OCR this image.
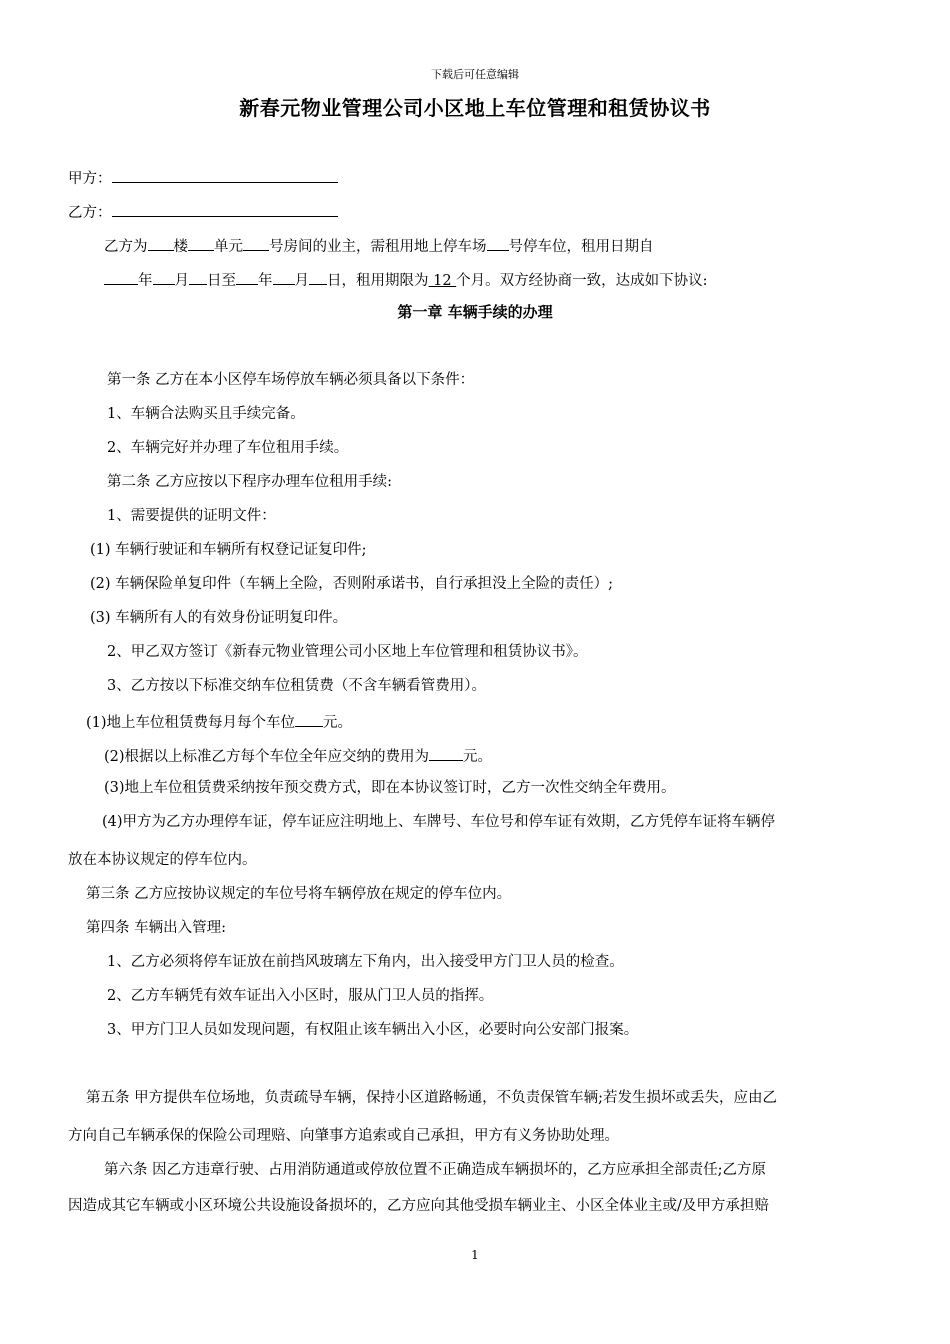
下载后可任意编辑
新春元物业管理公司小区地上车位管理和租赁协议书
甲方：
乙方：
乙方为 楼 单元 号房间的业主，需租用地上停车场 号停车位，租用日期自
年 月 日至 年 月 日，租用期限为 12 个月。双方经协商一致，达成如下协议:
第一章 车辆手续的办理
第一条 乙方在本小区停车场停放车辆必须具备以下条件：
1、车辆合法购买且手续完备。
2、车辆完好并办理了车位租用手续。
第二条 乙方应按以下程序办理车位租用手续:
1、需要提供的证明文件：
(1) 车辆行驶证和车辆所有权登记证复印件;
(2) 车辆保险单复印件（车辆上全险，否则附承诺书，自行承担没上全险的责任）;
(3) 车辆所有人的有效身份证明复印件。
2、甲乙双方签订《新春元物业管理公司小区地上车位管理和租赁协议书》。
3、乙方按以下标准交纳车位租赁费（不含车辆看管费用）。
(1)地上车位租赁费每月每个车位 元。
(2)根据以上标准乙方每个车位全年应交纳的费用为 元。
(3)地上车位租赁费采纳按年预交费方式，即在本协议签订时，乙方一次性交纳全年费用。
(4)甲方为乙方办理停车证，停车证应注明地上、车牌号、车位号和停车证有效期，乙方凭停车证将车辆停
放在本协议规定的停车位内。
第三条 乙方应按协议规定的车位号将车辆停放在规定的停车位内。
第四条 车辆出入管理:
1、乙方必须将停车证放在前挡风玻璃左下角内，出入接受甲方门卫人员的检查。
2、乙方车辆凭有效车证出入小区时，服从门卫人员的指挥。
3、甲方门卫人员如发现问题，有权阻止该车辆出入小区，必要时向公安部门报案。
第五条 甲方提供车位场地，负责疏导车辆，保持小区道路畅通，不负责保管车辆;若发生损坏或丢失，应由乙
方向自己车辆承保的保险公司理赔、向肇事方追索或自己承担，甲方有义务协助处理。
第六条 因乙方违章行驶、占用消防通道或停放位置不正确造成车辆损坏的，乙方应承担全部责任;乙方原
因造成其它车辆或小区环境公共设施设备损坏的，乙方应向其他受损车辆业主、小区全体业主或/及甲方承担赔
1
